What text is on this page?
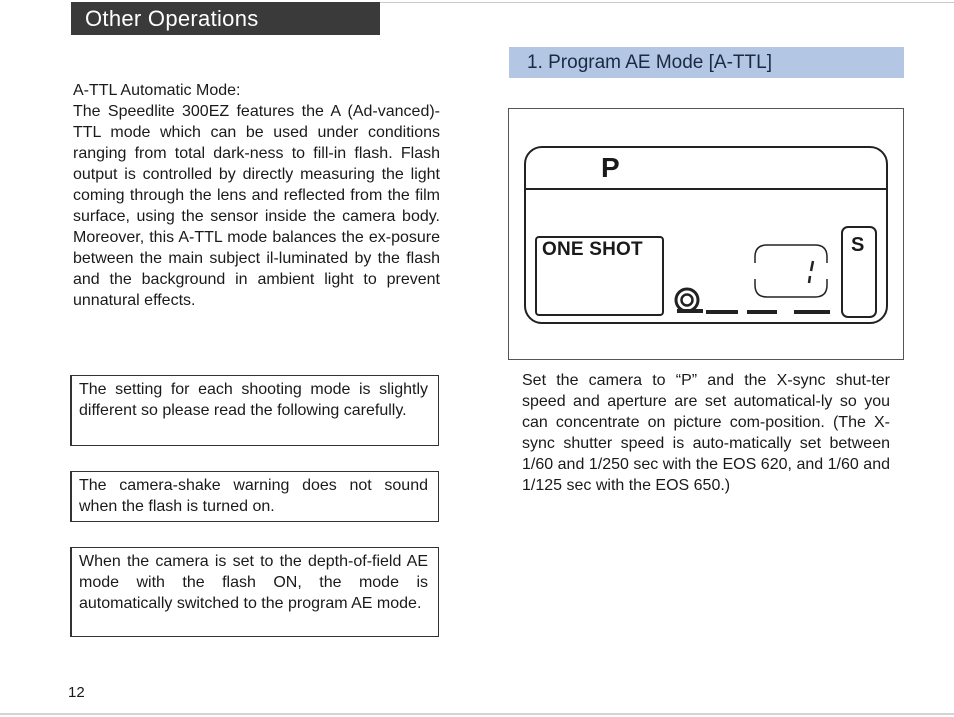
Other Operations

A-TTL Automatic Mode:

The Speedlite 300EZ features the A (Ad-vanced)-TTL mode which can be used under conditions ranging from total dark-ness to fill-in flash. Flash output is controlled by directly measuring the light coming through the lens and reflected from the film surface, using the sensor inside the camera body. Moreover, this A-TTL mode balances the ex-posure between the main subject il-luminated by the flash and the background in ambient light to prevent unnatural effects.

The setting for each shooting mode is slightly different so please read the following carefully.
The camera-shake warning does not sound when the flash is turned on.
When the camera is set to the depth-of-field AE mode with the flash ON, the mode is automatically switched to the program AE mode.
12
1. Program AE Mode [A-TTL]
P
ONE SHOT	S

Set the camera to “P” and the X-sync shut-ter speed and aperture are set automatical-ly so you can concentrate on picture com-position. (The X-sync shutter speed is auto-matically set between 1/60 and 1/250 sec with the EOS 620, and 1/60 and 1/125 sec with the EOS 650.)
